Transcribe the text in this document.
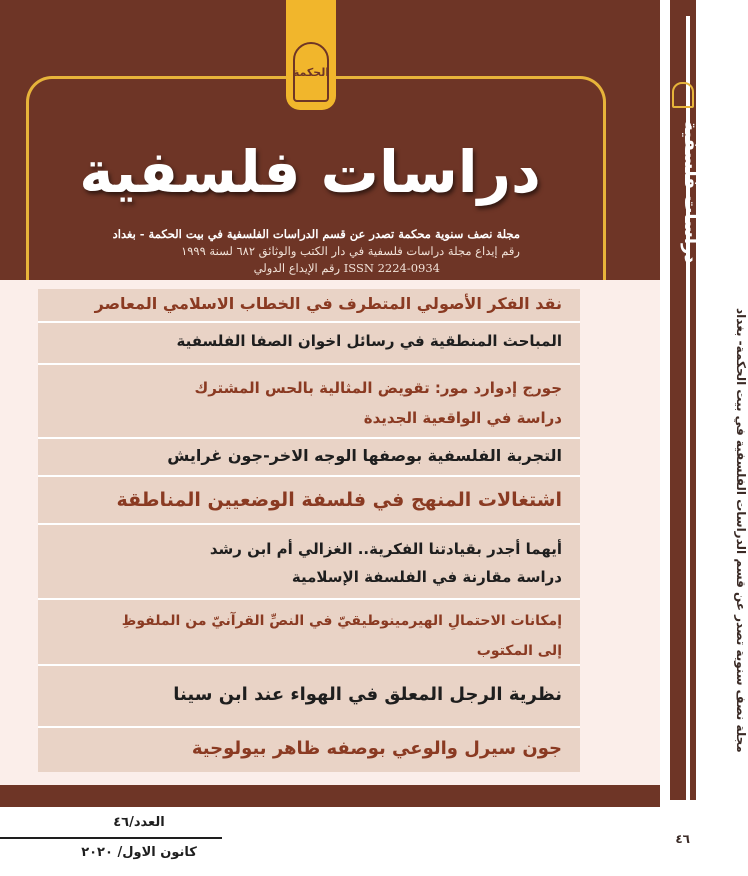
الحكمة
دراسات فلسفية
مجلة نصف سنوية محكمة تصدر عن قسم الدراسات الفلسفية في بيت الحكمة - بغداد
رقم إيداع مجلة دراسات فلسفية في دار الكتب والوثائق ٦٨٢ لسنة ١٩٩٩
رقم الإيداع الدولي ISSN 2224-0934
دراسات فلسفية
مجلة نصف سنوية تصدر عن قسم الدراسات الفلسفية في بيت الحكمة- بغداد
٤٦
نقد الفكر الأصولي المتطرف في الخطاب الاسلامي المعاصر
المباحث المنطقية في رسائل اخوان الصفا الفلسفية
جورج إدوارد مور: تقويض المثالية بالحس المشترك
دراسة في الواقعية الجديدة
التجربة الفلسفية بوصفها الوجه الاخر-جون غرايش
اشتغالات المنهج في فلسفة الوضعيين المناطقة
أيهما أجدر بقيادتنا الفكرية.. الغزالي أم ابن رشد
دراسة مقارنة في الفلسفة الإسلامية
إمكانات الاحتمالِ الهيرمينوطيقيّ في النصِّ القرآنيّ من الملفوظِ
إلى المكتوب
نظرية الرجل المعلق في الهواء عند ابن سينا
جون سيرل والوعي بوصفه ظاهر بيولوجية
العدد/٤٦
كانون الاول/ ٢٠٢٠
